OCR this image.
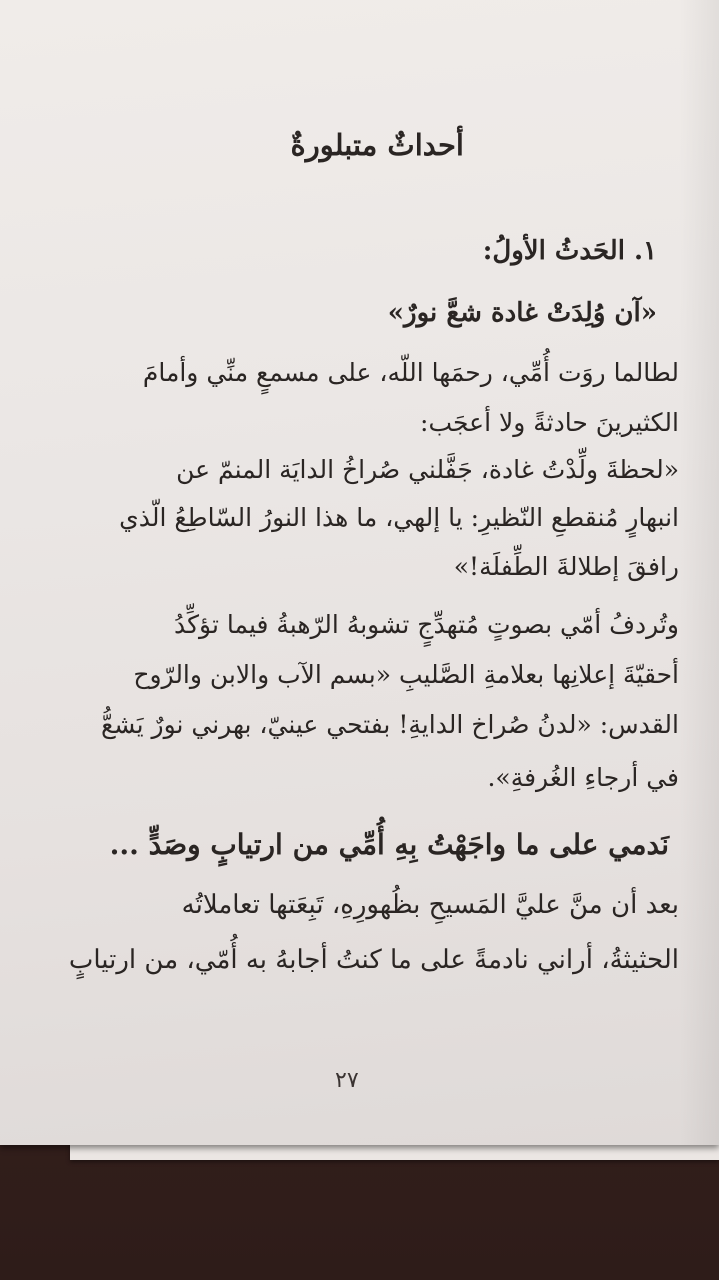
أحداثٌ متبلورةٌ
١. الحَدثُ الأولُ:
«آن وُلِدَتْ غادة شعَّ نورٌ»
لطالما روَت أُمِّي، رحمَها اللّه، على مسمعٍ منِّي وأمامَ
الكثيرينَ حادثةً ولا أعجَب:
«لحظةَ ولِّدْتُ غادة، جَفَّلني صُراخُ الدايَة المنمّ عن
انبهارٍ مُنقطعِ النّظيرِ: يا إلهي، ما هذا النورُ السّاطِعُ الّذي
رافقَ إطلالةَ الطِّفلَة!»
وتُردفُ أمّي بصوتٍ مُتهدِّجٍ تشوبهُ الرّهبةُ فيما تؤكِّدُ
أحقيّةَ إعلانِها بعلامةِ الصَّليبِ «بسم الآب والابن والرّوح
القدس: «لدنُ صُراخ الدايةِ! بفتحي عينيّ، بهرني نورٌ يَشعُّ
في أرجاءِ الغُرفةِ».
نَدمي على ما واجَهْتُ بِهِ أُمِّي من ارتيابٍ وصَدٍّ ...
بعد أن منَّ عليَّ المَسيحِ بظُهورِهِ، تَبِعَتها تعاملاتُه
الحثيثةُ، أراني نادمةً على ما كنتُ أجابهُ به أُمّي، من ارتيابٍ
٢٧
